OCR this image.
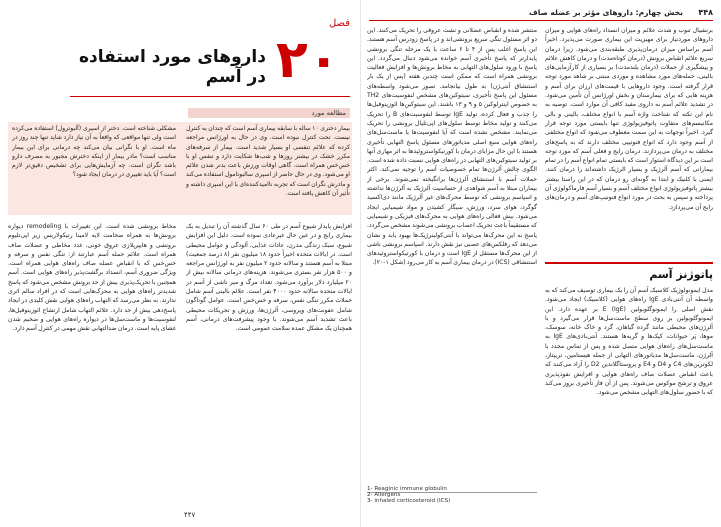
فصل
۲۰
داروهای مورد استفاده در آسم
مطالعه مورد

بیمار دختری ۱۰ ساله با سابقه بیماری آسم است که چندان به کنترل نیست. تحت کنترل نبوده است. وی در حال به اورژانس مراجعه کرده که علائم تنفسی او بسیار شدید است. بیمار از سرفه‌های مکرر خشک در بیشتر روزها و شب‌ها شکایت دارد و تنفس او با خس‌خس همراه است. گاهی اوقات ورزش باعث بدتر شدن علائم او می‌شود. وی در حال حاضر از اسپری سالبوتامول استفاده می‌کند و مادرش نگران است که تجربه ناامیدکننده‌ای با این اسپری داشته و تأثیر آن کاهش یافته است.

مشکلی شناخته است. دختر از اسپری (آلبوترول) استفاده می‌کرده است ولی تنها مواقعی که واقعاً به آن نیاز دارد شاید تنها چند روز در ماه است. او با نگرانی بیان می‌کند چه درمانی برای این بیمار مناسب است؟ مادر بیمار از اینکه دخترش مجبور به مصرف دارو باشد نگران است. چه آزمایش‌هایی برای تشخیص دقیق‌تر لازم است؟ آیا باید تغییری در درمان ایجاد شود؟

افزایش پایدار شیوع آسم در طی ۶۰ سال گذشته آن را تبدیل به یک بیماری رایج و در عین حال غیرعادی نموده است. دلیل این افزایش شیوع، سبک زندگی مدرن، عادات غذایی، آلودگی و عوامل محیطی است. در ایالات متحده اخیراً حدود ۱۸ میلیون نفر (۸ درصد جمعیت) مبتلا به آسم هستند و سالانه حدود ۲ میلیون نفر به اورژانس مراجعه و ۵۰۰ هزار نفر بستری می‌شوند. هزینه‌های درمانی سالانه بیش از ۲۰ میلیارد دلار برآورد می‌شود. تعداد مرگ و میر ناشی از آسم در ایالات متحده سالانه حدود ۴۰۰۰ نفر است. علائم بالینی آسم شامل حملات مکرر تنگی نفس، سرفه و خس‌خس است. عوامل گوناگون شامل عفونت‌های ویروسی، آلرژن‌ها، ورزش و تحریکات محیطی باعث تشدید آسم می‌شوند. با وجود پیشرفت‌های درمانی، آسم همچنان یک مشکل عمده سلامت عمومی است.

مخاط برونشی شده است. این تغییرات با remodeling دیواره برونش‌ها به همراه ضخامت لایه لامینا رتیکولاریس زیر اپی‌تلیوم برونشی و هایپرپلازی عروق خونی، غدد مخاطی و عضلات صاف همراه است. علائم حمله آسم عبارتند از: تنگی نفس و سرفه و خس‌خس که با انقباض عضله صاف راه‌های هوایی همراه است. ویژگی ضروری آسم، انسداد برگشت‌پذیر راه‌های هوایی است. آسم همچنین با تحریک‌پذیری بیش از حد برونش مشخص می‌شود که پاسخ شدیدتر راه‌های هوایی به محرک‌هایی است که در افراد سالم اثری ندارند. به نظر می‌رسد که التهاب راه‌های هوایی نقش کلیدی در ایجاد پاسخ‌دهی بیش از حد دارد. علائم التهاب شامل ارتشاح ائوزینوفیل‌ها، لنفوسیت‌ها و ماست‌سل‌ها در دیواره راه‌های هوایی و ضخیم شدن غشای پایه است. درمان ضدالتهابی نقش مهمی در کنترل آسم دارد.

۴۴۷
۴۴۸
بخش چهارم: داروهای مؤثر بر عضله صاف

برنشیال تنوب و شدت علائم و میزان انسداد راه‌های هوایی و میزان داروهای موردنیاز برای مهیزیت این بیماری صورت می‌پذیرد. اخیراً آسم براساس میزان درمان‌پذیری طبقه‌بندی می‌شود. زیرا درمان سریع علائم انقباض برونش (درمان کوتاه‌مدت) و درمان کاهش علائم و پیشگیری از حملات (درمان بلندمدت) بر بسیاری از کارآزمایی‌های بالینی، حمله‌های مورد مشاهده و موردی مبتنی بر شاهد مورد توجه قرار گرفته است. وجود داروهایی با قیمت‌های ارزان برای آسم و هزینه هایی که برای بیمارستان و بخش اورژانس آن تأمین می‌شود. در تشدید علائم آسم به داروی مفید کافی آن موارد است. توصیه به نام این نکته که شناخت واژه آسم با انواع مختلف، بالینی و بالی مکانیسم‌های متفاوت پاتوفیزیولوژی تنها بایستی مورد توجه قرار گیرد. اخیراً توجهات به این سمت معطوف می‌شود که انواع مختلفی از آسم وجود دارد که انواع فنوتیپی مختلف دارند که به پاسخ‌های مختلف به درمان می‌پردازند. درمان رایج و فعلی آسم که مورد توجه است بر این دیدگاه استوار است که بایستی تمام انواع آسم را در تمام بیمارانی که آسم آلرژیک و بسیار الرژیک داشته‌اند را درمان کنند. ایمنی با کلنیک و ابتدا به گونه‌ای رو درمان که در این راستا بیشتر بیشتر پاتوفیزیولوژی انواع مختلف آسم و بسیار آسم فارماکولوژی آن پرداخته و سپس به بحث در مورد انواع فنوتیپ‌های آسم و درمان‌های رایج آن می‌پردازد.

پاتوژنز آسم

مدل ایمونولوژیک کلاسیک آسم آن را یک بیماری توصیف می‌کند که به واسطه آن آنتی‌بادی IgE راه‌های هوایی (کلاسیک) ایجاد می‌شود. نقش اصلی را ایمونوگلوبولین E (IgE) بر عهده دارد. این ایمونوگلوبولین بر روی سطح ماست‌سل‌ها قرار می‌گیرد و با آلرژن‌های محیطی مانند گرده گیاهان، گرد و خاک خانه، سوسک، موها، پَر حیوانات، کپک‌ها و گربه‌ها هستند. آنتی‌بادی‌های IgE به ماست‌سل‌های راه‌های هوایی متصل شده و پس از تماس مجدد با آلرژن، ماست‌سل‌ها مدیاتورهای التهابی از جمله هیستامین، تریپتاز، لکوترین‌های C4 و D4 و E4 و پروستاگلاندین D2 را آزاد می‌کنند که باعث انقباض عضلات صاف راه‌های هوایی و افزایش نفوذپذیری عروق و ترشح موکوس می‌شوند. پس از آن فاز تأخیری بروز می‌کند که با حضور سلول‌های التهابی مشخص می‌شود.

منتشر شده و انقباض عضلانی و نشت عروقی را تحریک می‌کنند. این دو اثر مسئول تنگی سریع برونشی‌اند و در پاسخ زودرس آسم هستند. این پاسخ اغلب پس از ۴ تا ۶ ساعت با یک مرحله تنگی برونشی پایدارتر که پاسخ تأخیری آسم خوانده می‌شود دنبال می‌گردد. این پاسخ با ورود سلول‌های التهابی به مخاط برونش‌ها و افزایش فعالیت برونشی همراه است که ممکن است چندین هفته (پس از یک بار استنشاق آنتی‌ژن) به طول بیانجامد. تصور می‌شود واسطه‌های مسئول این پاسخ تأخیری، سیتوکین‌های مشخص لنفوسیت‌های TH2 به خصوص اینترلوکین ۵ و ۹ و ۱۳ باشند. این سیتوکین‌ها ائوزینوفیل‌ها را جذب و فعال کرده، تولید IgE توسط لنفوسیت‌های B را تحریک می‌کنند و تولید مخاط توسط سلول‌های اپی‌تلیال برونشی را تحریک می‌نمایند. مشخص نشده است که آیا لنفوسیت‌ها یا ماست‌سل‌های راه‌های هوایی منبع اصلی مدیاتورهای مسئول پاسخ التهابی تأخیری هستند با این حال مزایای درمان با کورتیکواستروئیدها به اثر مهاری آنها بر تولید سیتوکین‌های التهابی در راه‌های هوایی نسبت داده شده است. الگوی چالش آلرژن‌ها تمام خصوصیات آسم را توجیه نمی‌کند. اکثر حملات آسم با استنشاق آلرژن‌ها برانگیخته نمی‌شوند. برخی از بیماران مبتلا به آسم شواهدی از حساسیت آلرژیک به آلرژن‌ها نداشته و اسپاسم برونشی که توسط محرک‌های غیر آلرژیک مانند دی‌اکسید گوگرد، هوای سرد، ورزش، سیگار کشیدن و مواد شیمیایی ایجاد می‌شود. بیش فعالی راه‌های هوایی به محرک‌های فیزیکی و شیمیایی که مستقیماً باعث تحریک اعصاب برونشی می‌شوند مشخص می‌گردد. پاسخ به این محرک‌ها می‌تواند با آنتی‌کولینرژیک‌ها بهبود یابد و نشان می‌دهد که رفلکس‌های عصبی نیز نقش دارند. اسپاسم برونشی ناشی از این محرک‌ها مستقل از IgE است و درمان با کورتیکواستروئیدهای استنشاقی (ICS) در درمان بیماری آسم به کار می‌رود (شکل ۱-۲۰).

1- Reaginic immune globulin
2- Allergens
3- inhaled corticosteroid (ICS)
